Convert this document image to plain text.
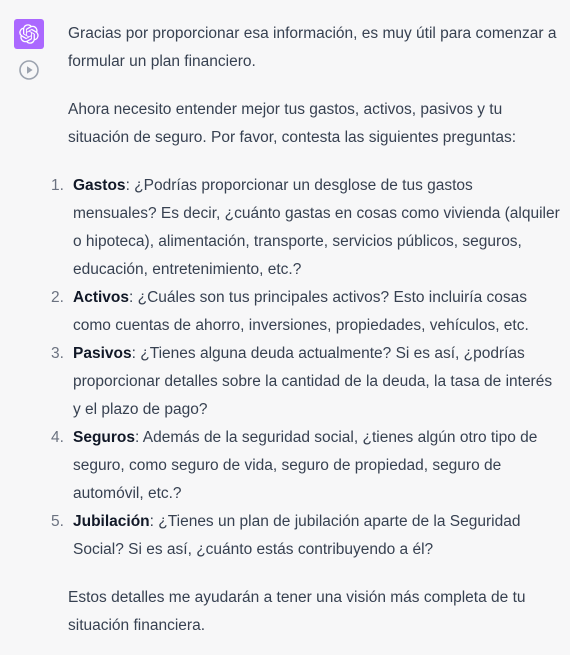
Gracias por proporcionar esa información, es muy útil para comenzar a formular un plan financiero.

Ahora necesito entender mejor tus gastos, activos, pasivos y tu situación de seguro. Por favor, contesta las siguientes preguntas:

1. Gastos: ¿Podrías proporcionar un desglose de tus gastos mensuales? Es decir, ¿cuánto gastas en cosas como vivienda (alquiler o hipoteca), alimentación, transporte, servicios públicos, seguros, educación, entretenimiento, etc.?
2. Activos: ¿Cuáles son tus principales activos? Esto incluiría cosas como cuentas de ahorro, inversiones, propiedades, vehículos, etc.
3. Pasivos: ¿Tienes alguna deuda actualmente? Si es así, ¿podrías proporcionar detalles sobre la cantidad de la deuda, la tasa de interés y el plazo de pago?
4. Seguros: Además de la seguridad social, ¿tienes algún otro tipo de seguro, como seguro de vida, seguro de propiedad, seguro de automóvil, etc.?
5. Jubilación: ¿Tienes un plan de jubilación aparte de la Seguridad Social? Si es así, ¿cuánto estás contribuyendo a él?

Estos detalles me ayudarán a tener una visión más completa de tu situación financiera.
